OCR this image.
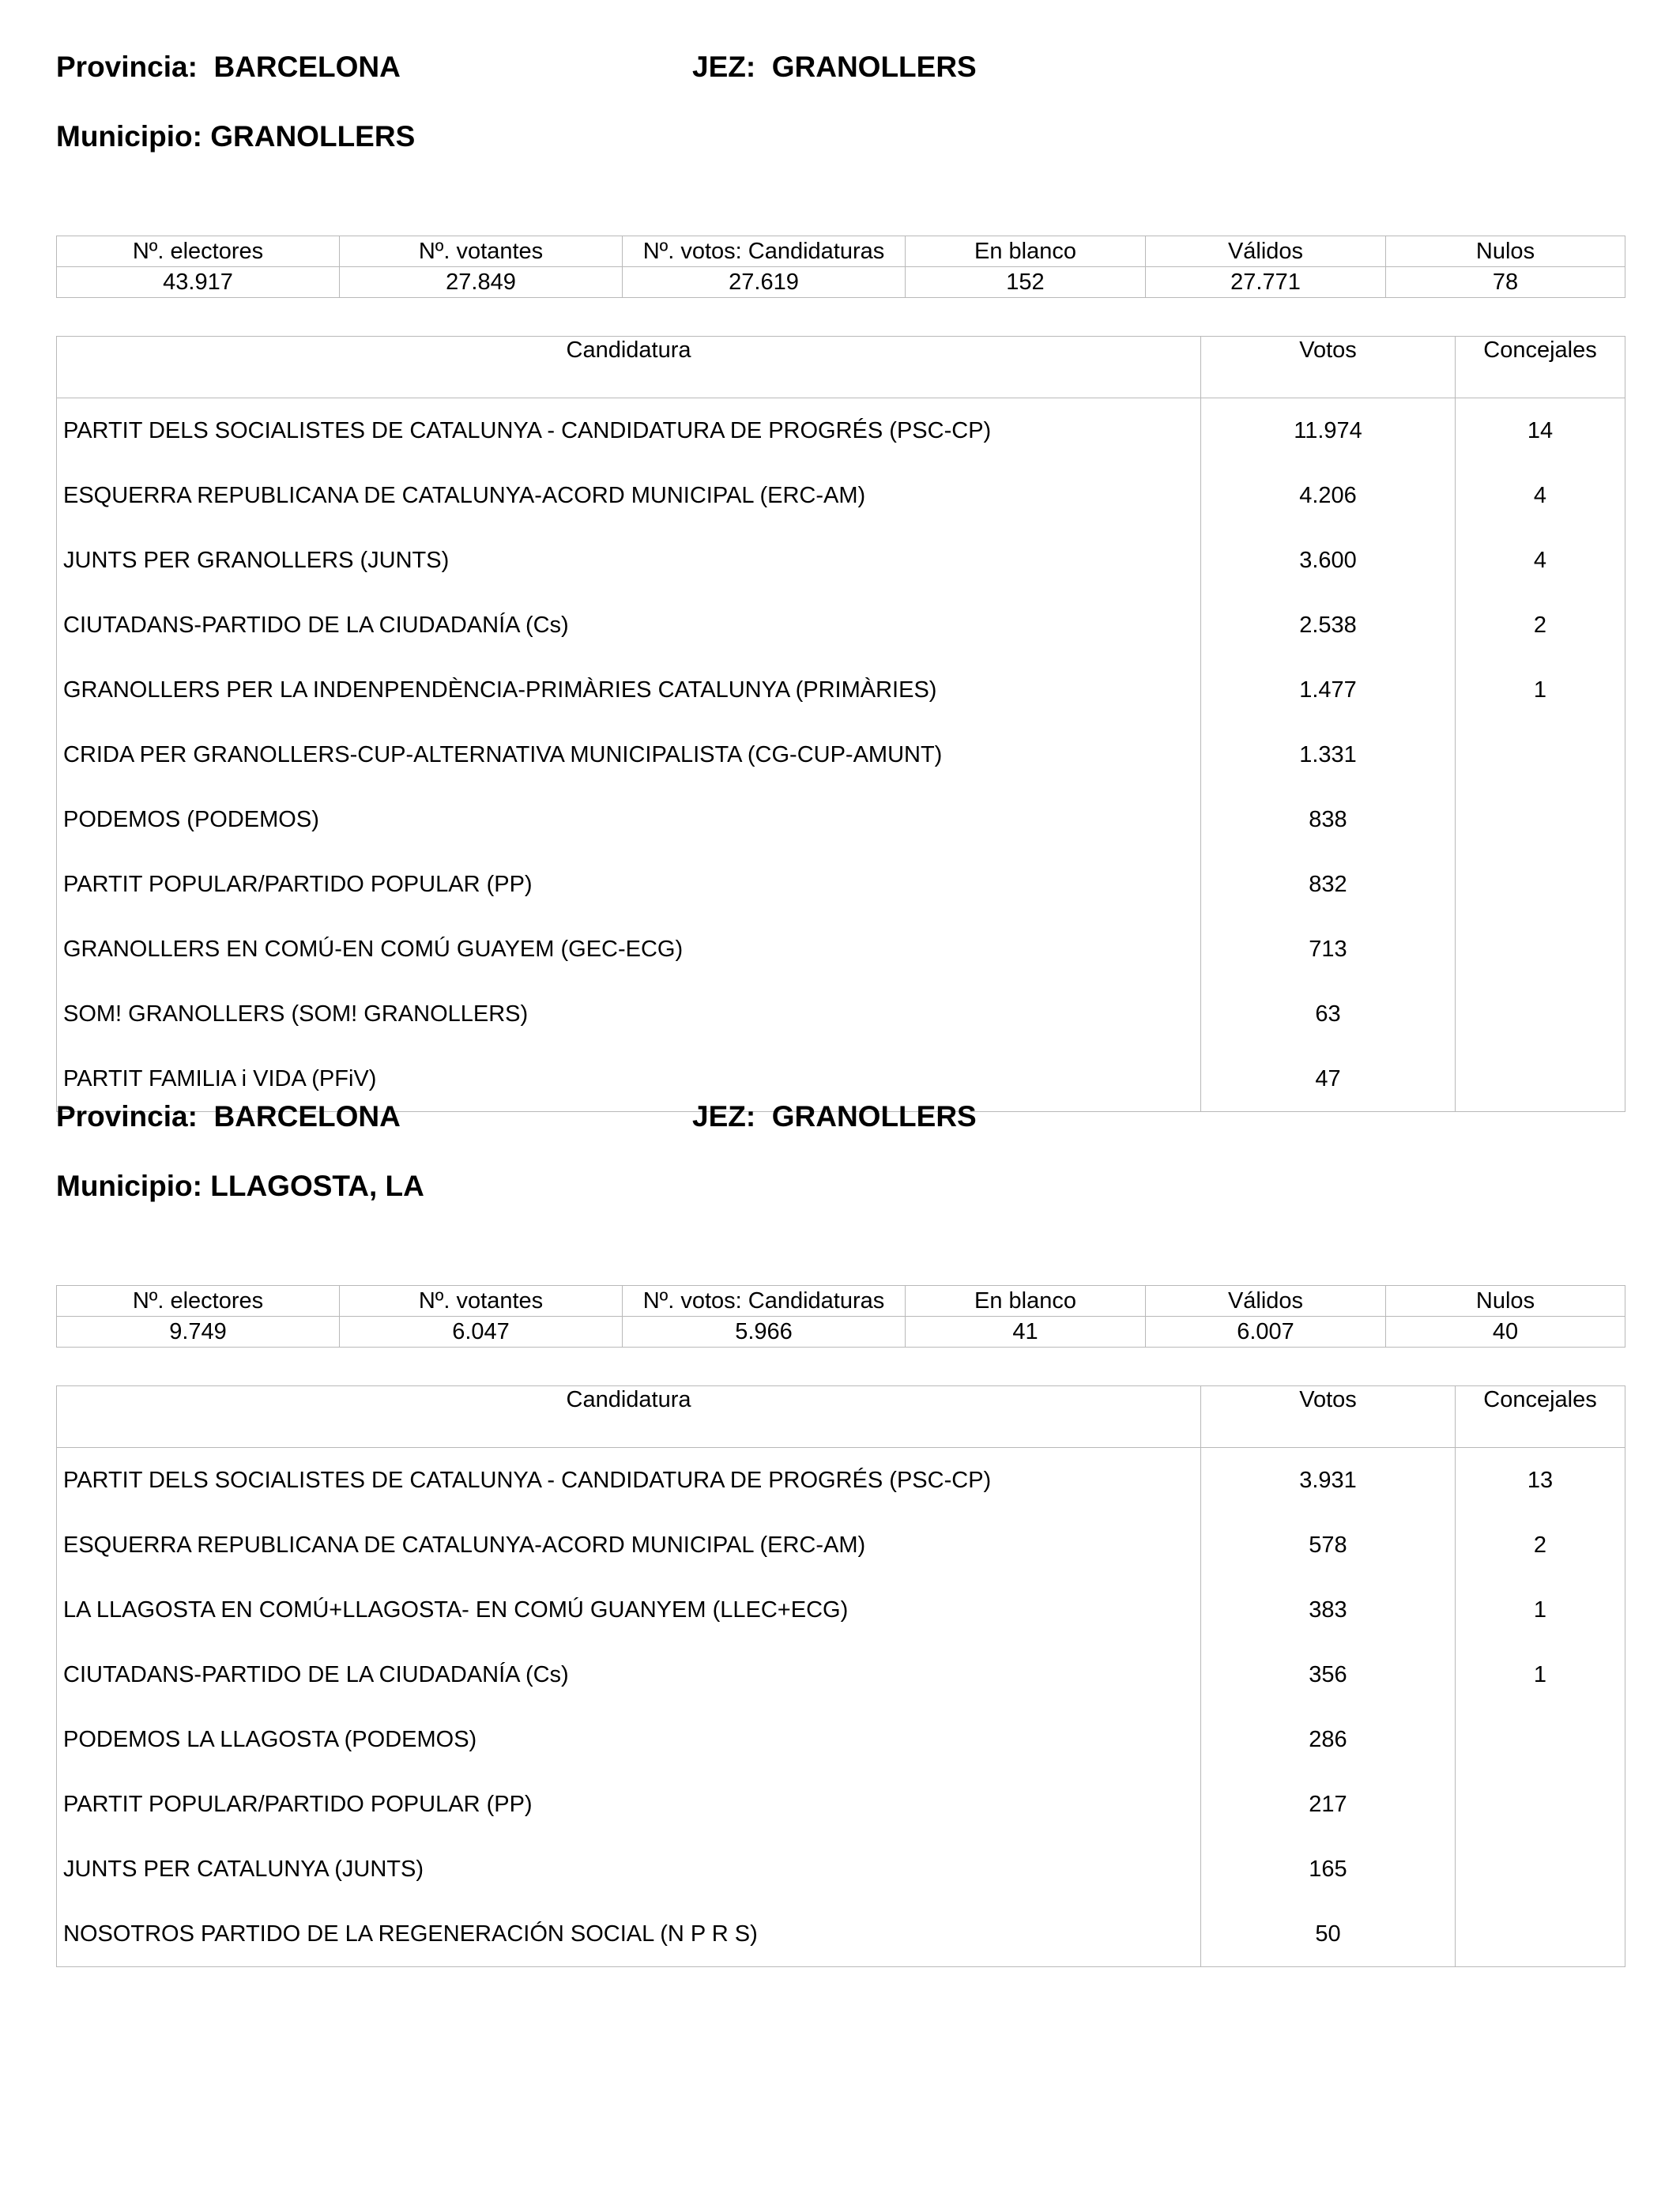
Provincia:  BARCELONA	JEZ:  GRANOLLERS
Municipio: GRANOLLERS
Nº. electores	Nº. votantes	Nº. votos: Candidaturas	En blanco	Válidos	Nulos
43.917	27.849	27.619	152	27.771	78
Candidatura	Votos	Concejales
PARTIT DELS SOCIALISTES DE CATALUNYA - CANDIDATURA DE PROGRÉS (PSC-CP)	11.974	14
ESQUERRA REPUBLICANA DE CATALUNYA-ACORD MUNICIPAL (ERC-AM)	4.206	4
JUNTS PER GRANOLLERS (JUNTS)	3.600	4
CIUTADANS-PARTIDO DE LA CIUDADANÍA (Cs)	2.538	2
GRANOLLERS PER LA INDENPENDÈNCIA-PRIMÀRIES CATALUNYA (PRIMÀRIES)	1.477	1
CRIDA PER GRANOLLERS-CUP-ALTERNATIVA MUNICIPALISTA (CG-CUP-AMUNT)	1.331	
PODEMOS (PODEMOS)	838	
PARTIT POPULAR/PARTIDO POPULAR (PP)	832	
GRANOLLERS EN COMÚ-EN COMÚ GUAYEM (GEC-ECG)	713	
SOM! GRANOLLERS (SOM! GRANOLLERS)	63	
PARTIT FAMILIA i VIDA (PFiV)	47	
Provincia:  BARCELONA	JEZ:  GRANOLLERS
Municipio: LLAGOSTA, LA
Nº. electores	Nº. votantes	Nº. votos: Candidaturas	En blanco	Válidos	Nulos
9.749	6.047	5.966	41	6.007	40
Candidatura	Votos	Concejales
PARTIT DELS SOCIALISTES DE CATALUNYA - CANDIDATURA DE PROGRÉS (PSC-CP)	3.931	13
ESQUERRA REPUBLICANA DE CATALUNYA-ACORD MUNICIPAL (ERC-AM)	578	2
LA LLAGOSTA EN COMÚ+LLAGOSTA- EN COMÚ GUANYEM (LLEC+ECG)	383	1
CIUTADANS-PARTIDO DE LA CIUDADANÍA (Cs)	356	1
PODEMOS LA LLAGOSTA (PODEMOS)	286	
PARTIT POPULAR/PARTIDO POPULAR (PP)	217	
JUNTS PER CATALUNYA (JUNTS)	165	
NOSOTROS PARTIDO DE LA REGENERACIÓN SOCIAL (N P R S)	50	
